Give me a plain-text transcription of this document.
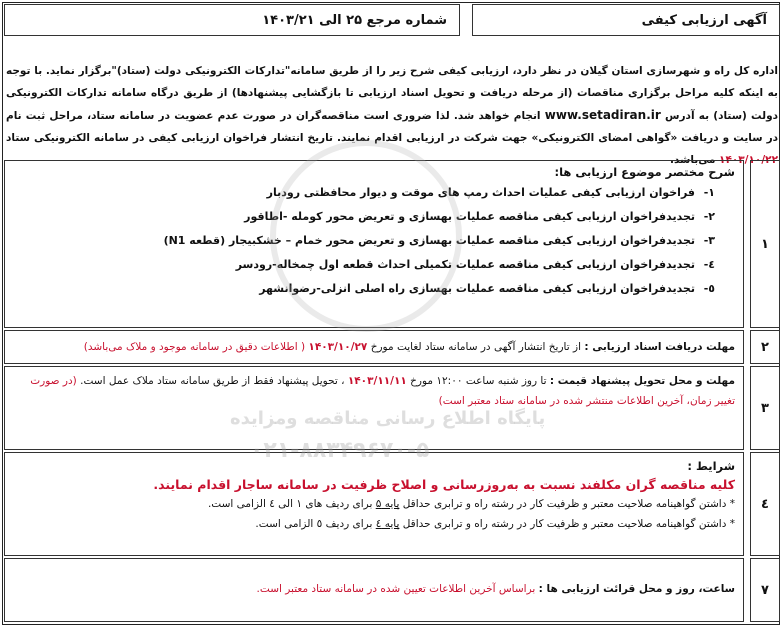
آگهی ارزیابی کیفی
شماره مرجع ۲۵ الی ۱۴۰۳/۲۱
اداره کل راه و شهرسازی استان گیلان در نظر دارد، ارزیابی کیفی شرح زیر را از طریق سامانه"تدارکات الکترونیکی دولت (ستاد)"برگزار نماید. با توجه به اینکه کلیه مراحل برگزاری مناقصات (از مرحله دریافت و تحویل اسناد ارزیابی تا بازگشایی پیشنهادها) از طریق درگاه سامانه تدارکات الکترونیکی دولت (ستاد) به آدرس www.setadiran.ir انجام خواهد شد. لذا ضروری است مناقصه‌گران در صورت عدم عضویت در سامانه ستاد، مراحل ثبت نام در سایت و دریافت «گواهی امضای الکترونیکی» جهت شرکت در ارزیابی اقدام نمایند. تاریخ انتشار فراخوان ارزیابی کیفی در سامانه الکترونیکی ستاد ۱۴۰۳/۱۰/۲۲ می‌باشد.
۱
شرح مختصر موضوع ارزیابی ها:
۱-فراخوان ارزیابی کیفی عملیات احداث رمپ های موقت و دیوار محافظتی رودبار
۲-تجدیدفراخوان ارزیابی کیفی مناقصه عملیات بهسازی و تعریض محور کومله -اطاقور
۳-تجدیدفراخوان ارزیابی کیفی مناقصه عملیات بهسازی و تعریض محور خمام – خشکبیجار (قطعه N1)
٤-تجدیدفراخوان ارزیابی کیفی مناقصه عملیات تکمیلی احداث قطعه اول چمخاله-رودسر
٥-تجدیدفراخوان ارزیابی کیفی مناقصه عملیات بهسازی راه اصلی انزلی-رضوانشهر
۲
مهلت دریافت اسناد ارزیابی : از تاریخ انتشار آگهی در سامانه ستاد لغایت مورخ ۱۴۰۳/۱۰/۲۷ ( اطلاعات دقیق در سامانه موجود و ملاک می‌باشد)
۳
مهلت و محل تحویل پیشنهاد قیمت : تا روز شنبه ساعت ۱۲:۰۰ مورخ ۱۴۰۳/۱۱/۱۱ ، تحویل پیشنهاد فقط از طریق سامانه ستاد ملاک عمل است. (در صورت تغییر زمان، آخرین اطلاعات منتشر شده در سامانه ستاد معتبر است)
٤
شرایط :
کلیه مناقصه گران مکلفند نسبت به به‌روزرسانی و اصلاح ظرفیت در سامانه ساجار اقدام نمایند.
* داشتن گواهینامه صلاحیت معتبر و ظرفیت کار در رشته راه و ترابری حداقل پایه ۵ برای ردیف های ۱ الی ٤ الزامی است.
* داشتن گواهینامه صلاحیت معتبر و ظرفیت کار در رشته راه و ترابری حداقل پایه ٤ برای ردیف ٥ الزامی است.
۷
ساعت، روز و محل قرائت ارزیابی ها : براساس آخرین اطلاعات تعیین شده در سامانه ستاد معتبر است.
پایگاه اطلاع رسانی مناقصه ومزایده
۰۲۱-۸۸۳۴۹۶۷۰-۵
